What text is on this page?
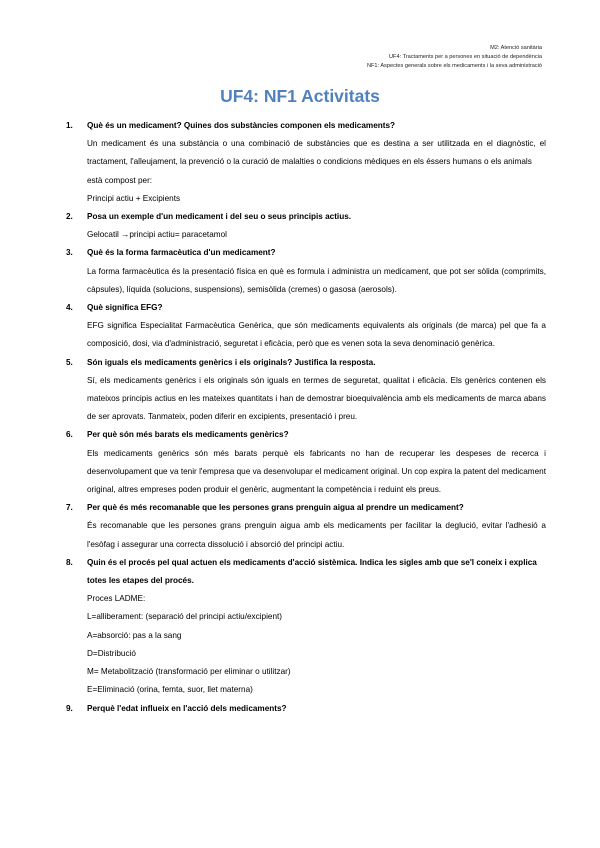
M2: Atenció sanitària
UF4: Tractaments per a persones en situació de dependència
NF1: Aspectes generals sobre els medicaments i la seva administració
UF4: NF1 Activitats
1. Què és un medicament? Quines dos substàncies componen els medicaments?
Un medicament és una substància o una combinació de substàncies que es destina a ser utilitzada en el diagnòstic, el tractament, l'alleujament, la prevenció o la curació de malalties o condicions mèdiques en els éssers humans o els animals
està compost per:
Principi actiu + Excipients
2. Posa un exemple d'un medicament i del seu o seus principis actius.
Gelocatil →principi actiu= paracetamol
3. Què és la forma farmacèutica d'un medicament?
La forma farmacèutica és la presentació física en què es formula i administra un medicament, que pot ser sòlida (comprimits, càpsules), líquida (solucions, suspensions), semisòlida (cremes) o gasosa (aerosols).
4. Què significa EFG?
EFG significa Especialitat Farmacèutica Genèrica, que són medicaments equivalents als originals (de marca) pel que fa a composició, dosi, via d'administració, seguretat i eficàcia, però que es venen sota la seva denominació genèrica.
5. Són iguals els medicaments genèrics i els originals? Justifica la resposta.
Sí, els medicaments genèrics i els originals són iguals en termes de seguretat, qualitat i eficàcia. Els genèrics contenen els mateixos principis actius en les mateixes quantitats i han de demostrar bioequivalència amb els medicaments de marca abans de ser aprovats. Tanmateix, poden diferir en excipients, presentació i preu.
6. Per què són més barats els medicaments genèrics?
Els medicaments genèrics són més barats perquè els fabricants no han de recuperar les despeses de recerca i desenvolupament que va tenir l'empresa que va desenvolupar el medicament original. Un cop expira la patent del medicament original, altres empreses poden produir el genèric, augmentant la competència i reduint els preus.
7. Per què és més recomanable que les persones grans prenguin aigua al prendre un medicament?
És recomanable que les persones grans prenguin aigua amb els medicaments per facilitar la deglució, evitar l'adhesió a l'esòfag i assegurar una correcta dissolució i absorció del principi actiu.
8. Quin és el procés pel qual actuen els medicaments d'acció sistèmica. Indica les sigles amb que se'l coneix i explica totes les etapes del procés.
Proces LADME:
L=alliberament: (separació del principi actiu/excipient)
A=absorció: pas a la sang
D=Distribució
M= Metabolització (transformació per eliminar o utilitzar)
E=Eliminació (orina, femta, suor, llet materna)
9. Perquè l'edat influeix en l'acció dels medicaments?
